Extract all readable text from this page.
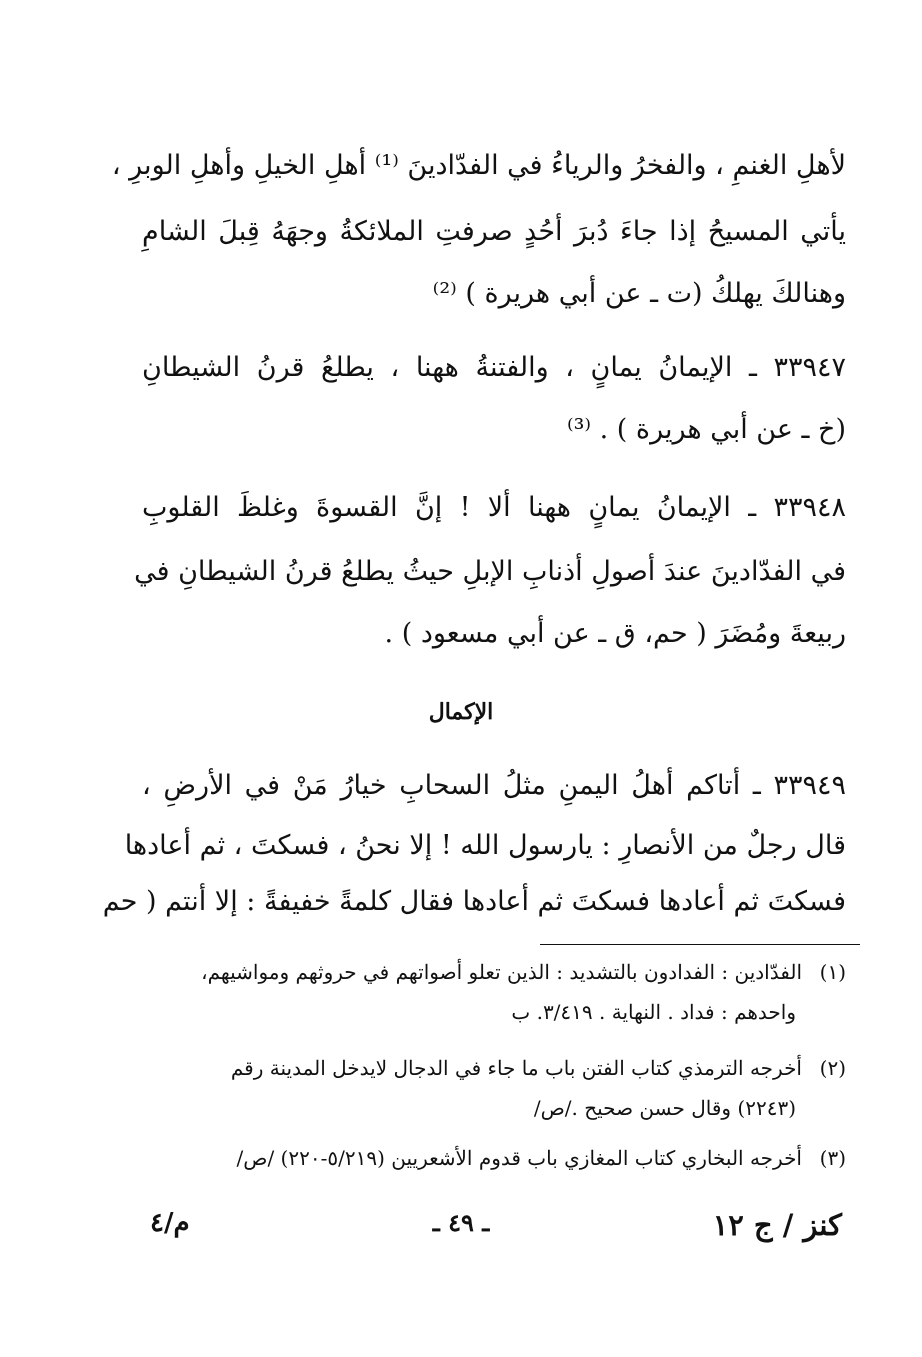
لأهلِ الغنمِ ، والفخرُ والرياءُ في الفدّادينَ ⁽¹⁾ أهلِ الخيلِ وأهلِ الوبرِ ،
يأتي المسيحُ إذا جاءَ دُبرَ أحُدٍ صرفتِ الملائكةُ وجهَهُ قِبلَ الشامِ
وهنالكَ يهلكُ (ت ـ عن أبي هريرة ) ⁽²⁾
٣٣٩٤٧ ـ الإيمانُ يمانٍ ، والفتنةُ ههنا ، يطلعُ قرنُ الشيطانِ
(خ ـ عن أبي هريرة ) . ⁽³⁾
٣٣٩٤٨ ـ الإيمانُ يمانٍ ههنا ألا ! إنَّ القسوةَ وغلظَ القلوبِ
في الفدّادينَ عندَ أصولِ أذنابِ الإبلِ حيثُ يطلعُ قرنُ الشيطانِ في
ربيعةَ ومُضَرَ ( حم، ق ـ عن أبي مسعود ) .
الإكمال
٣٣٩٤٩ ـ أتاكم أهلُ اليمنِ مثلُ السحابِ خيارُ مَنْ في الأرضِ ،
قال رجلٌ من الأنصارِ : يارسول الله ! إلا نحنُ ، فسكتَ ، ثم أعادها
فسكتَ ثم أعادها فسكتَ ثم أعادها فقال كلمةً خفيفةً : إلا أنتم ( حم
(١)الفدّادين : الفدادون بالتشديد : الذين تعلو أصواتهم في حروثهم ومواشيهم،
واحدهم : فداد . النهاية . ٣/٤١٩. ب
(٢)أخرجه الترمذي كتاب الفتن باب ما جاء في الدجال لايدخل المدينة رقم
(٢٢٤٣) وقال حسن صحيح ./ص/
(٣)أخرجه البخاري كتاب المغازي باب قدوم الأشعريين (٥/٢١٩-٢٢٠) /ص/
كنز / ج ١٢
ـ ٤٩ ـ
م/٤
